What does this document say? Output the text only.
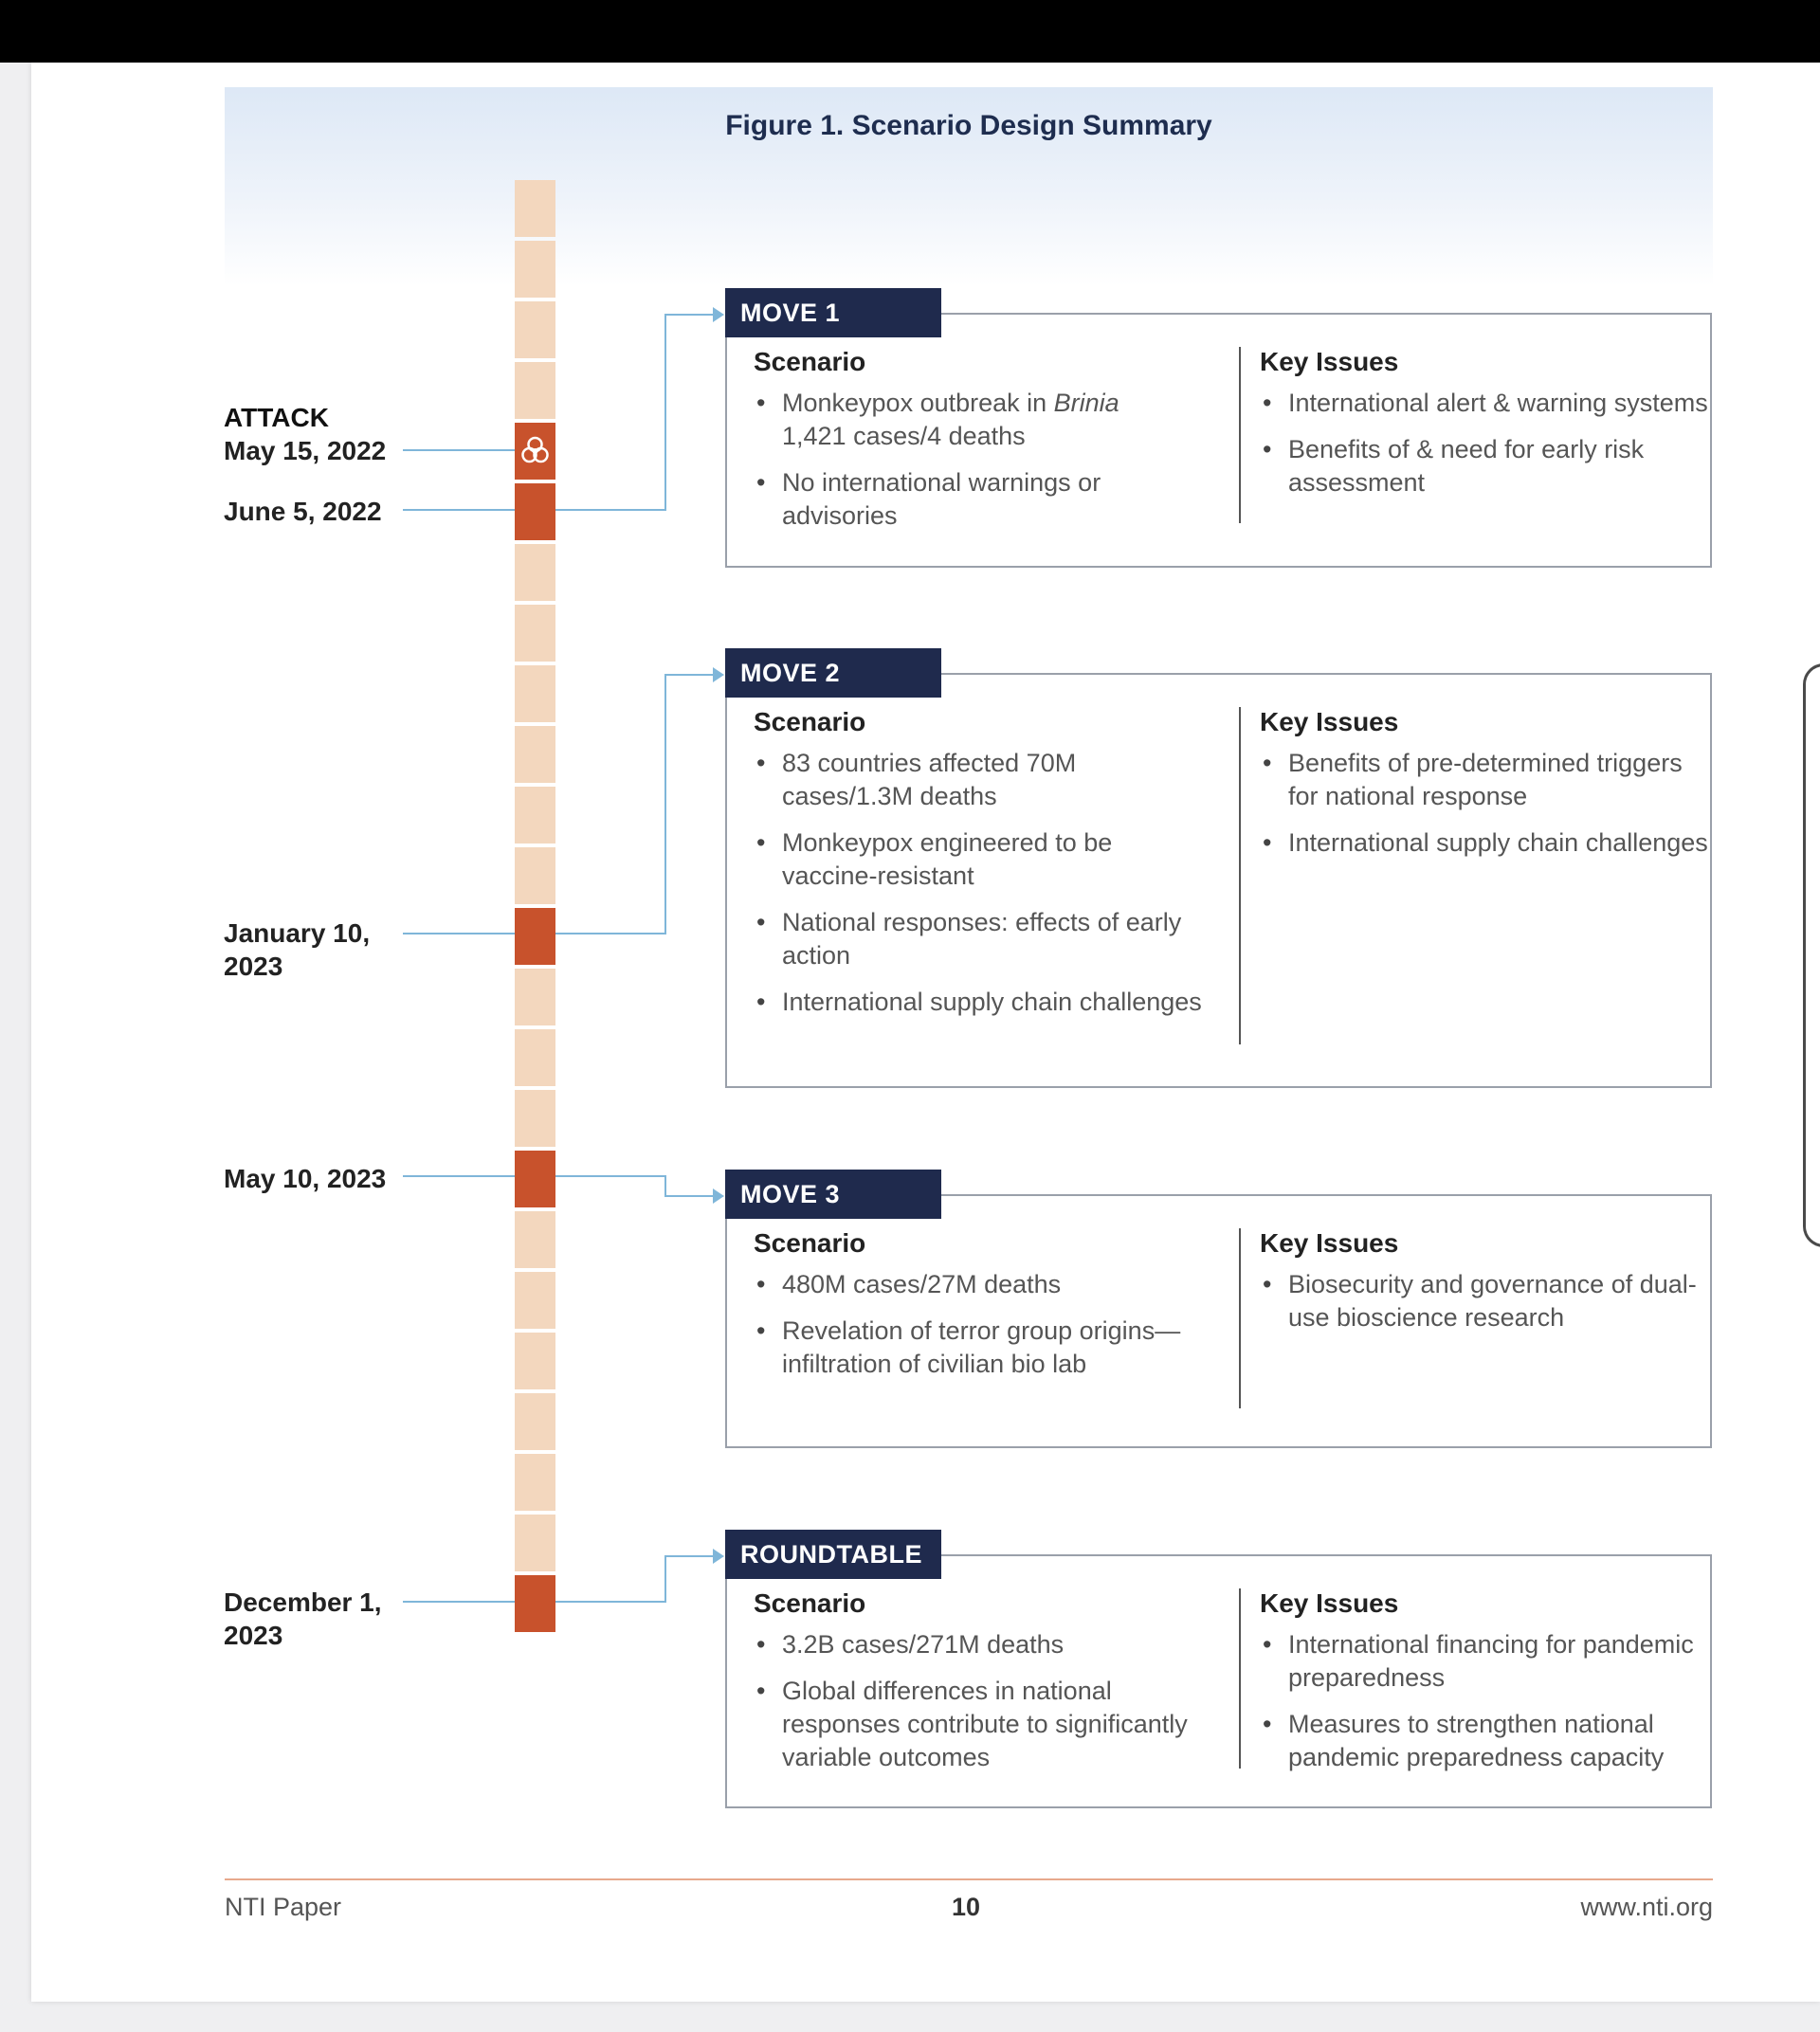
Figure 1. Scenario Design Summary
ATTACK
May 15, 2022
June 5, 2022
January 10, 2023
May 10, 2023
December 1, 2023
Scenario
• Monkeypox outbreak in Brinia
1,421 cases/4 deaths
• No international warnings or advisories
Key Issues
• International alert & warning systems
• Benefits of & need for early risk assessment
MOVE 1
Scenario
• 83 countries affected 70M cases/1.3M deaths
• Monkeypox engineered to be vaccine-resistant
• National responses: effects of early action
• International supply chain challenges
Key Issues
• Benefits of pre-determined triggers for national response
• International supply chain challenges
MOVE 2
Scenario
• 480M cases/27M deaths
• Revelation of terror group origins—infiltration of civilian bio lab
Key Issues
• Biosecurity and governance of dual-use bioscience research
MOVE 3
Scenario
• 3.2B cases/271M deaths
• Global differences in national responses contribute to significantly variable outcomes
Key Issues
• International financing for pandemic preparedness
• Measures to strengthen national pandemic preparedness capacity
ROUNDTABLE
NTI Paper	10	www.nti.org
